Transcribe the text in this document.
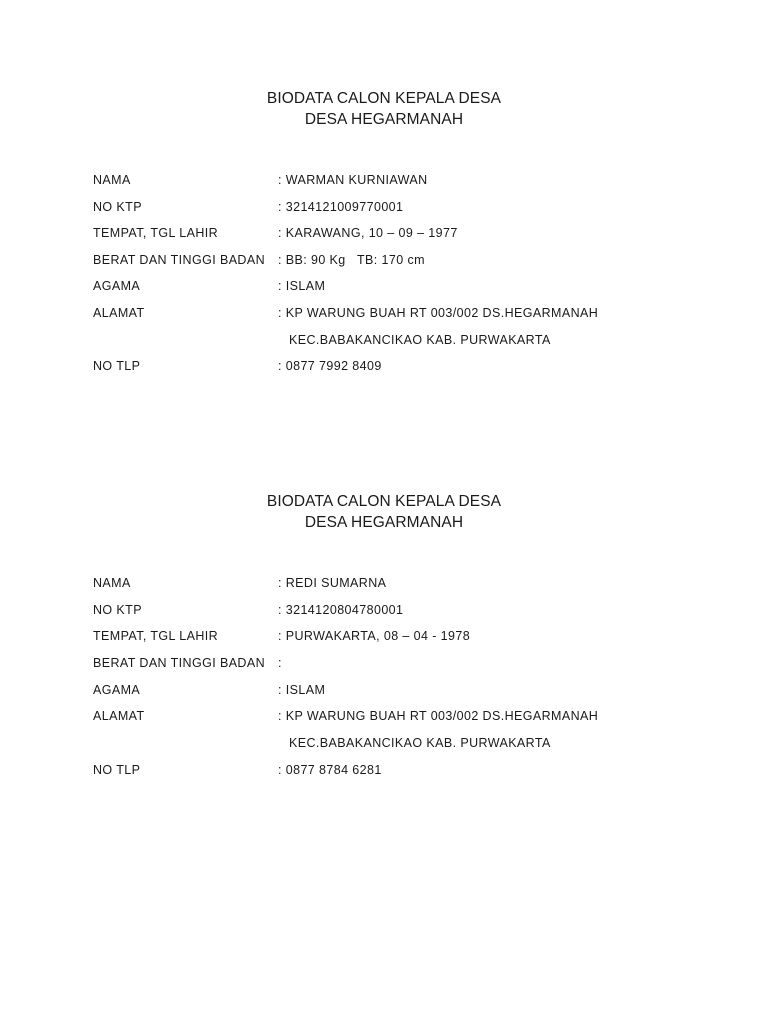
BIODATA CALON KEPALA DESA
DESA HEGARMANAH
NAMA	: WARMAN KURNIAWAN
NO KTP	: 3214121009770001
TEMPAT, TGL LAHIR	: KARAWANG, 10 – 09 – 1977
BERAT DAN TINGGI BADAN : BB: 90 Kg   TB: 170 cm
AGAMA	: ISLAM
ALAMAT	: KP WARUNG BUAH RT 003/002 DS.HEGARMANAH
KEC.BABAKANCIKAO KAB. PURWAKARTA
NO TLP	: 0877 7992 8409
BIODATA CALON KEPALA DESA
DESA HEGARMANAH
NAMA	: REDI SUMARNA
NO KTP	: 3214120804780001
TEMPAT, TGL LAHIR	: PURWAKARTA, 08 – 04 - 1978
BERAT DAN TINGGI BADAN :
AGAMA	: ISLAM
ALAMAT	: KP WARUNG BUAH RT 003/002 DS.HEGARMANAH
KEC.BABAKANCIKAO KAB. PURWAKARTA
NO TLP	: 0877 8784 6281
